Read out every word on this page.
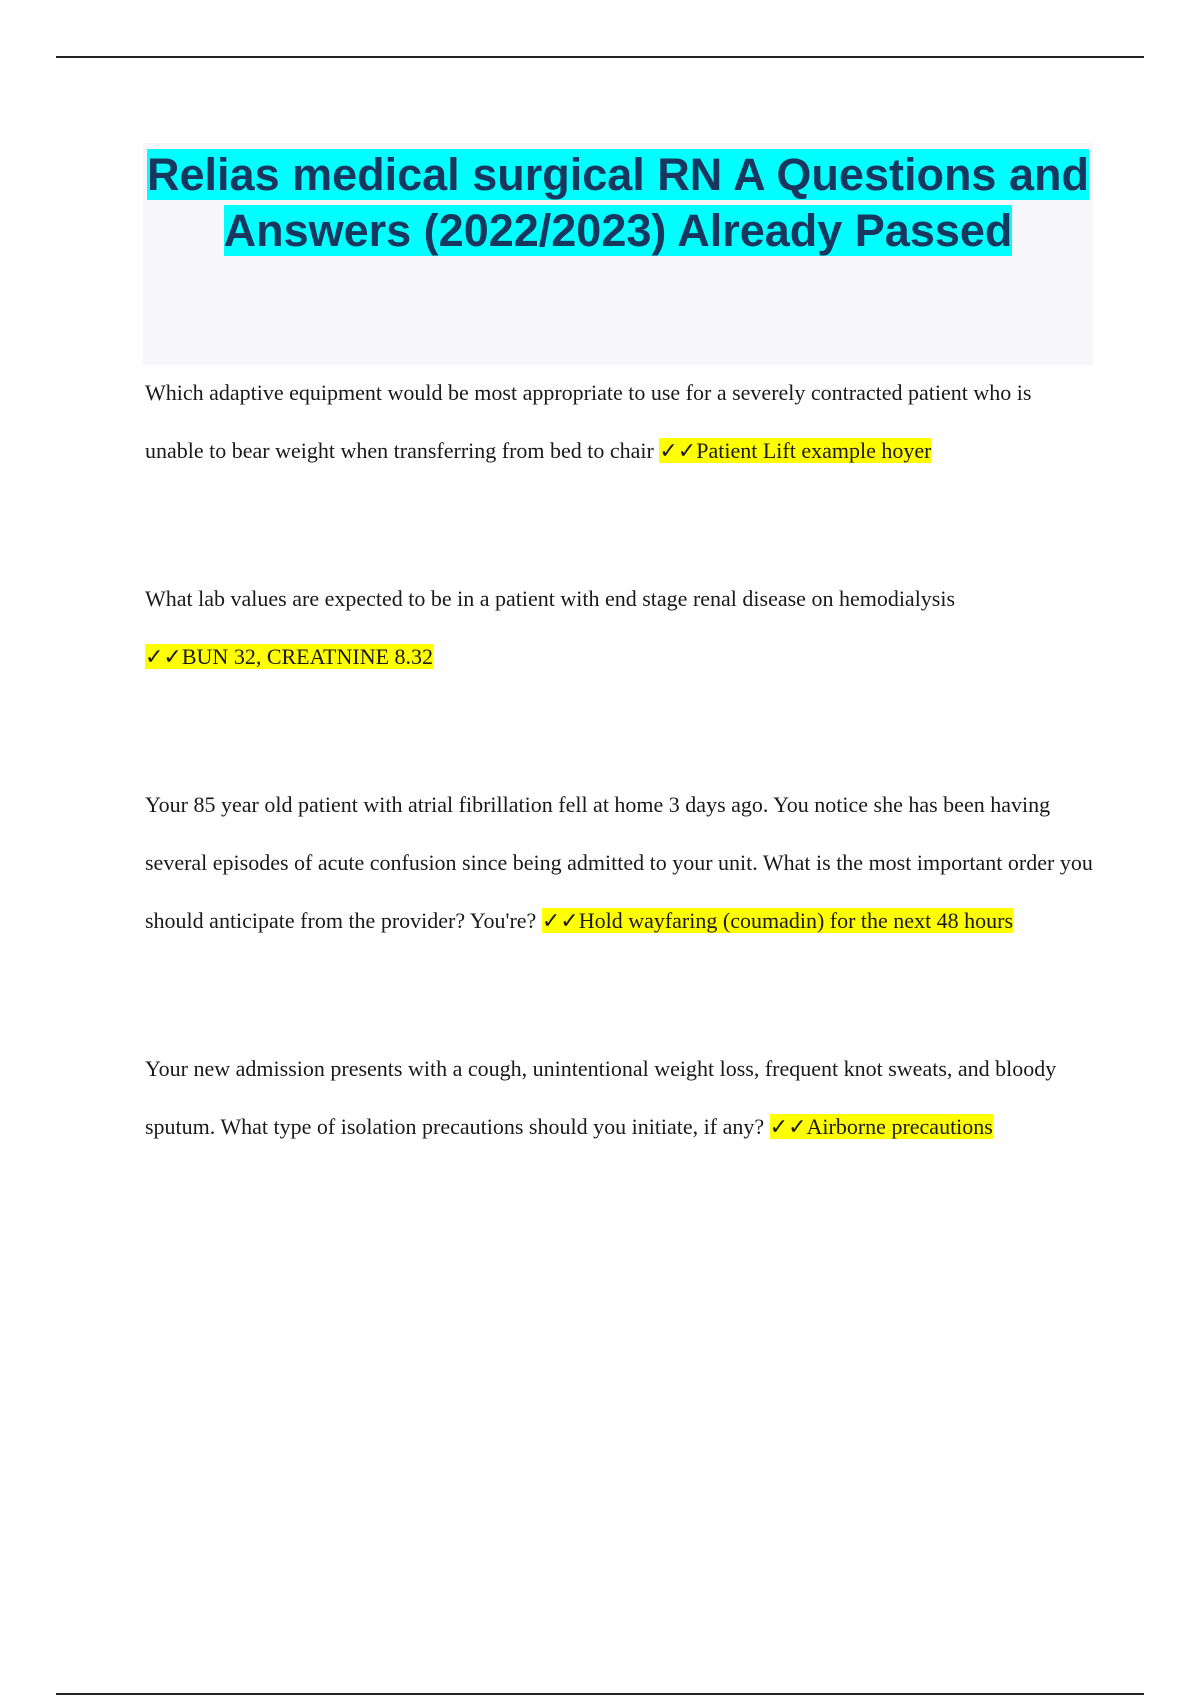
Relias medical surgical RN A Questions and Answers (2022/2023) Already Passed

Which adaptive equipment would be most appropriate to use for a severely contracted patient who is unable to bear weight when transferring from bed to chair ✓✓Patient Lift example hoyer

What lab values are expected to be in a patient with end stage renal disease on hemodialysis
✓✓BUN 32, CREATNINE 8.32

Your 85 year old patient with atrial fibrillation fell at home 3 days ago. You notice she has been having several episodes of acute confusion since being admitted to your unit. What is the most important order you should anticipate from the provider? You're? ✓✓Hold wayfaring (coumadin) for the next 48 hours

Your new admission presents with a cough, unintentional weight loss, frequent knot sweats, and bloody sputum. What type of isolation precautions should you initiate, if any? ✓✓Airborne precautions
